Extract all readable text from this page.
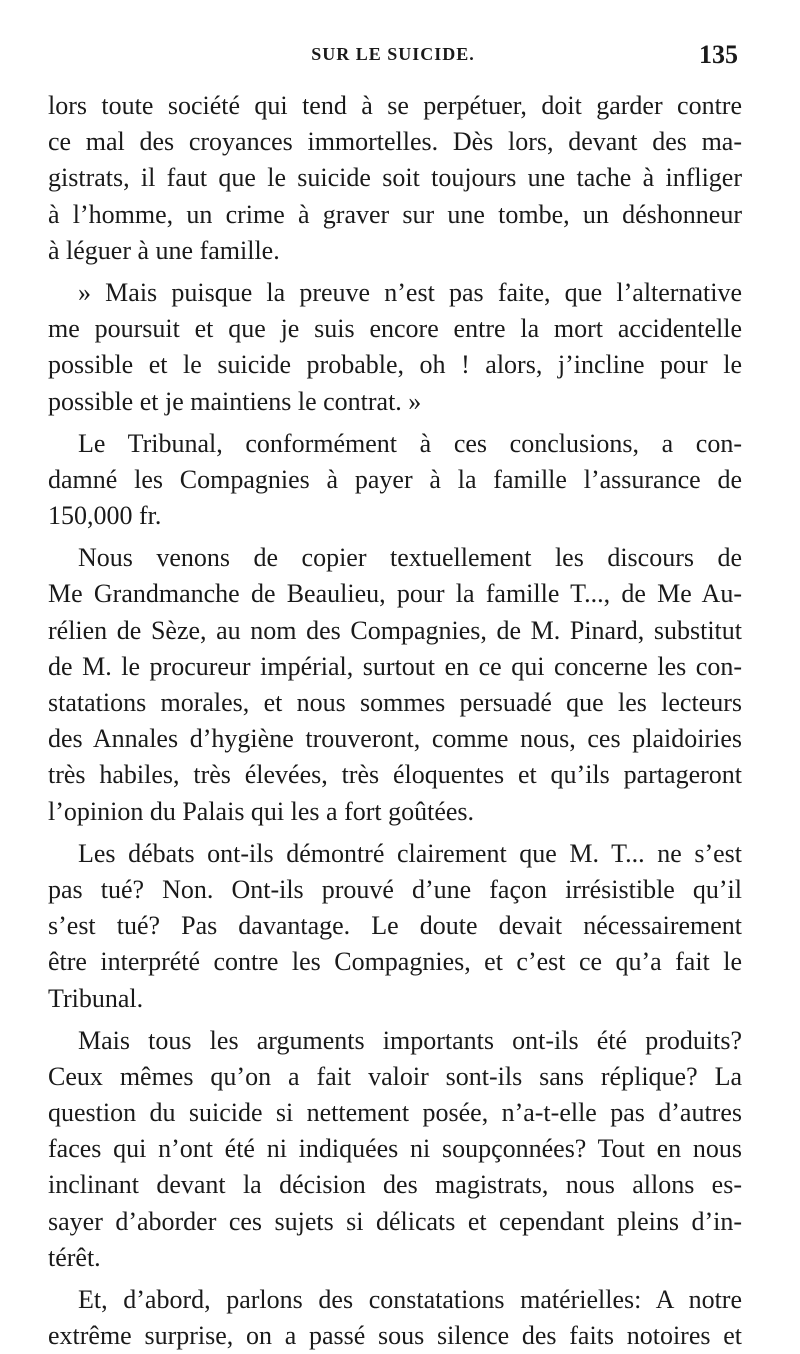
SUR LE SUICIDE.	135
lors toute société qui tend à se perpétuer, doit garder contre
ce mal des croyances immortelles. Dès lors, devant des ma-
gistrats, il faut que le suicide soit toujours une tache à infliger
à l’homme, un crime à graver sur une tombe, un déshonneur
à léguer à une famille.
» Mais puisque la preuve n’est pas faite, que l’alternative
me poursuit et que je suis encore entre la mort accidentelle
possible et le suicide probable, oh ! alors, j’incline pour le
possible et je maintiens le contrat. »
Le Tribunal, conformément à ces conclusions, a con-
damné les Compagnies à payer à la famille l’assurance de
150,000 fr.
Nous venons de copier textuellement les discours de
Me Grandmanche de Beaulieu, pour la famille T..., de Me Au-
rélien de Sèze, au nom des Compagnies, de M. Pinard, substitut
de M. le procureur impérial, surtout en ce qui concerne les con-
statations morales, et nous sommes persuadé que les lecteurs
des Annales d’hygiène trouveront, comme nous, ces plaidoiries
très habiles, très élevées, très éloquentes et qu’ils partageront
l’opinion du Palais qui les a fort goûtées.
Les débats ont-ils démontré clairement que M. T... ne s’est
pas tué? Non. Ont-ils prouvé d’une façon irrésistible qu’il
s’est tué? Pas davantage. Le doute devait nécessairement
être interprété contre les Compagnies, et c’est ce qu’a fait le
Tribunal.
Mais tous les arguments importants ont-ils été produits?
Ceux mêmes qu’on a fait valoir sont-ils sans réplique? La
question du suicide si nettement posée, n’a-t-elle pas d’autres
faces qui n’ont été ni indiquées ni soupçonnées? Tout en nous
inclinant devant la décision des magistrats, nous allons es-
sayer d’aborder ces sujets si délicats et cependant pleins d’in-
térêt.
Et, d’abord, parlons des constatations matérielles: A notre
extrême surprise, on a passé sous silence des faits notoires et
